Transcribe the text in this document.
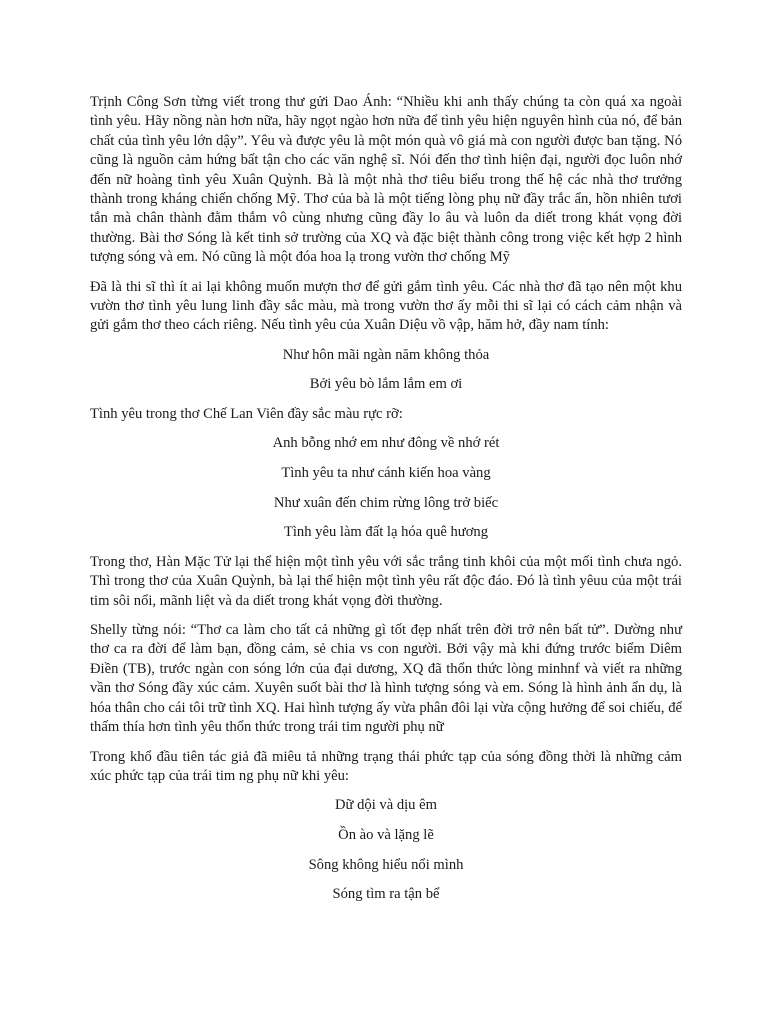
Trịnh Công Sơn từng viết trong thư gửi Dao Ánh: “Nhiều khi anh thấy chúng ta còn quá xa ngoài tình yêu. Hãy nồng nàn hơn nữa, hãy ngọt ngào hơn nữa để tình yêu hiện nguyên hình của nó, để bản chất của tình yêu lớn dậy”. Yêu và được yêu là một món quà vô giá mà con người được ban tặng. Nó cũng là nguồn cảm hứng bất tận cho các văn nghệ sĩ. Nói đến thơ tình hiện đại, người đọc luôn nhớ đến nữ hoàng tình yêu Xuân Quỳnh. Bà là một nhà thơ tiêu biểu trong thế hệ các nhà thơ trưởng thành trong kháng chiến chống Mỹ. Thơ của bà là một tiếng lòng phụ nữ đầy trắc ẩn, hồn nhiên tươi tắn mà chân thành đằm thắm vô cùng nhưng cũng đầy lo âu và luôn da diết trong khát vọng đời thường. Bài thơ Sóng là kết tinh sở trường của XQ và đặc biệt thành công trong việc kết hợp 2 hình tượng sóng và em. Nó cũng là một đóa hoa lạ trong vườn thơ chống Mỹ

Đã là thi sĩ thì ít ai lại không muốn mượn thơ để gửi gắm tình yêu. Các nhà thơ đã tạo nên một khu vườn thơ tình yêu lung linh đầy sắc màu, mà trong vườn thơ ấy mỗi thi sĩ lại có cách cảm nhận và gửi gắm thơ theo cách riêng. Nếu tình yêu của Xuân Diệu vồ vập, hăm hở, đầy nam tính:

Như hôn mãi ngàn năm không thỏa

Bởi yêu bò lắm lắm em ơi

Tình yêu trong thơ Chế Lan Viên đầy sắc màu rực rỡ:

Anh bỗng nhớ em như đông về nhớ rét

Tình yêu ta như cánh kiến hoa vàng

Như xuân đến chim rừng lông trở biếc

Tình yêu làm đất lạ hóa quê hương

Trong thơ, Hàn Mặc Tử lại thể hiện một tình yêu với sắc trắng tinh khôi của một mối tình chưa ngỏ. Thì trong thơ của Xuân Quỳnh, bà lại thể hiện một tình yêu rất độc đáo. Đó là tình yêuu của một trái tim sôi nổi, mãnh liệt và da diết trong khát vọng đời thường.

Shelly từng nói: “Thơ ca làm cho tất cả những gì tốt đẹp nhất trên đời trở nên bất tử”. Dường như thơ ca ra đời để làm bạn, đồng cảm, sẻ chia vs con người. Bởi vậy mà khi đứng trước biểm Diêm Điền (TB), trước ngàn con sóng lớn của đại dương, XQ đã thổn thức lòng minhnf và viết ra những vần thơ Sóng đầy xúc cảm. Xuyên suốt bài thơ là hình tượng sóng và em. Sóng là hình ảnh ẩn dụ, là hóa thân cho cái tôi trữ tình XQ. Hai hình tượng ấy vừa phân đôi lại vừa cộng hưởng để soi chiếu, để thấm thía hơn tình yêu thổn thức trong trái tim người phụ nữ

Trong khổ đầu tiên tác giả đã miêu tả những trạng thái phức tạp của sóng đồng thời là những cảm xúc phức tạp của trái tim ng phụ nữ khi yêu:

Dữ dội và dịu êm

Ồn ào và lặng lẽ

Sông không hiểu nổi mình

Sóng tìm ra tận bể
